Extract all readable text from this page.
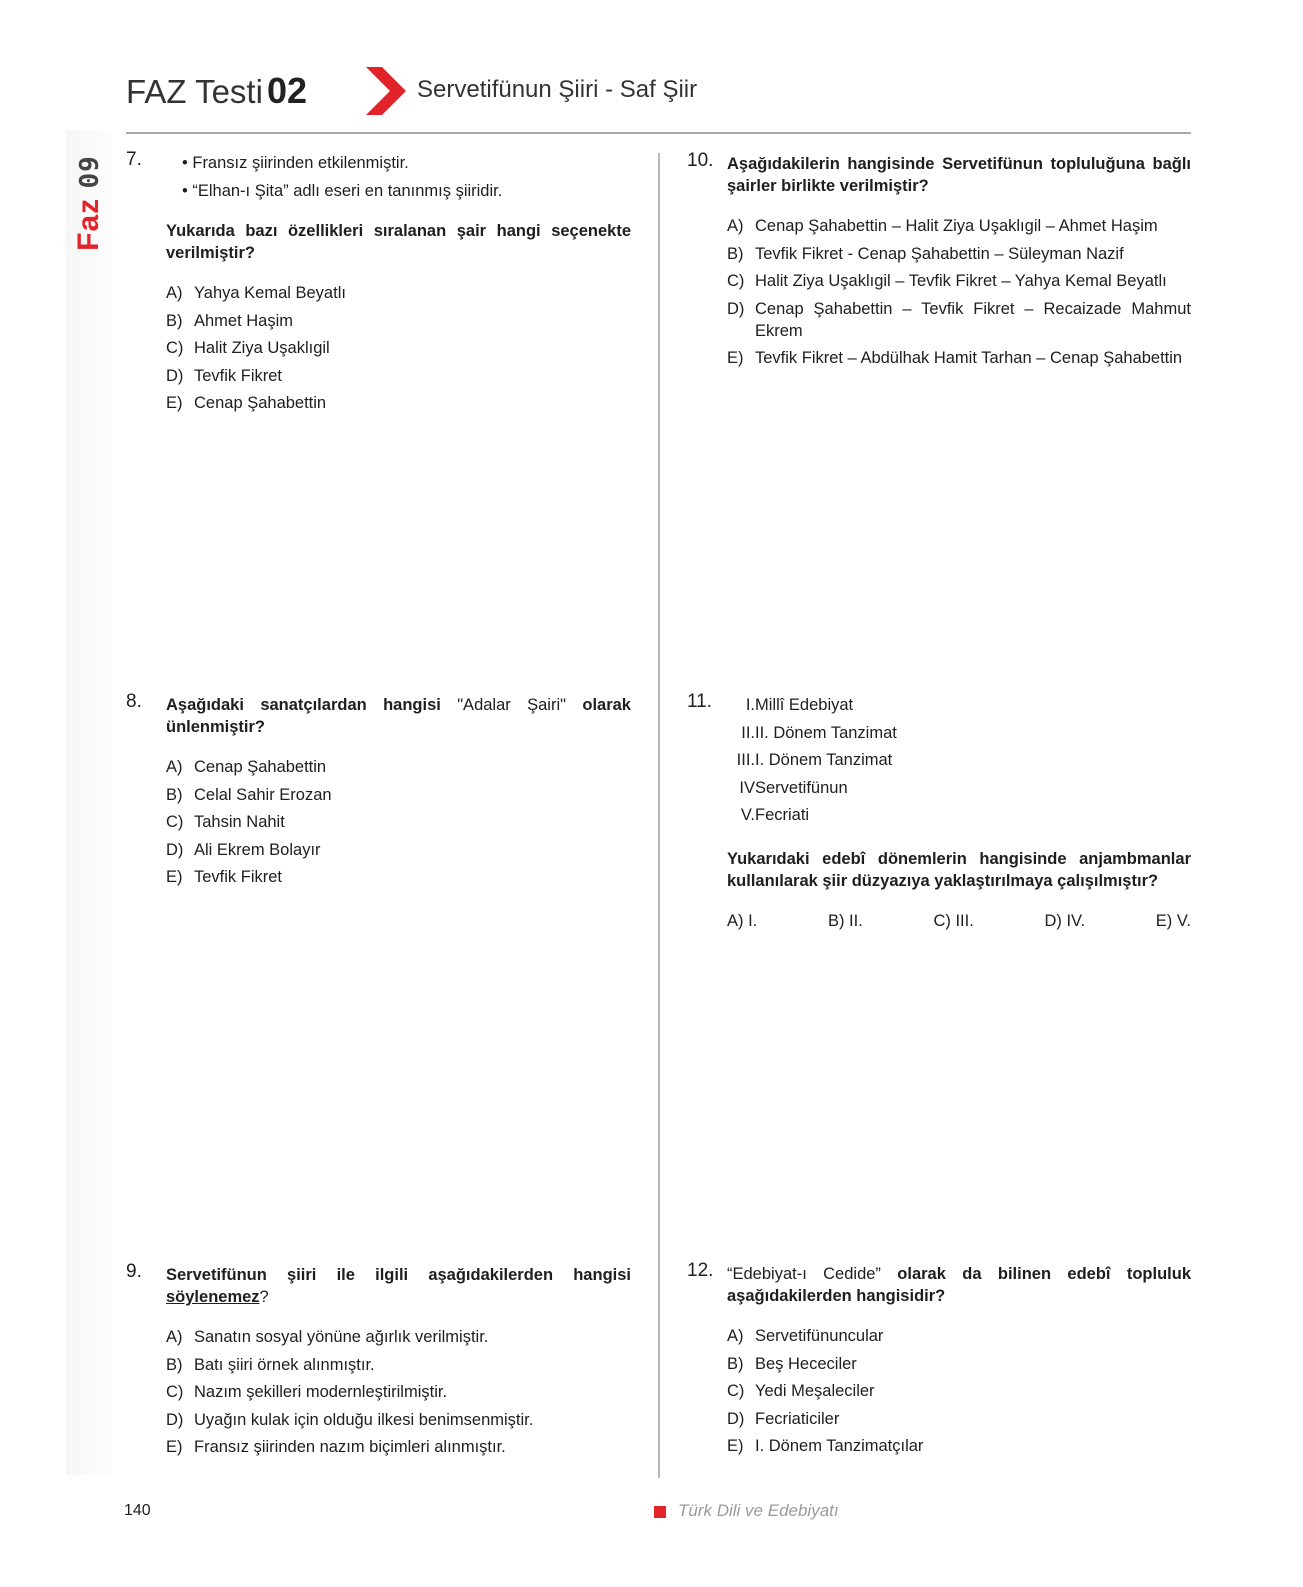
Faz 09
FAZ Testi 02	Servetifünun Şiiri - Saf Şiir
7. • Fransız şiirinden etkilenmiştir.
• “Elhan-ı Şita” adlı eseri en tanınmış şiiridir.

Yukarıda bazı özellikleri sıralanan şair hangi seçenekte verilmiştir?

A) Yahya Kemal Beyatlı
B) Ahmet Haşim
C) Halit Ziya Uşaklıgil
D) Tevfik Fikret
E) Cenap Şahabettin
8. Aşağıdaki sanatçılardan hangisi "Adalar Şairi" olarak ünlenmiştir?

A) Cenap Şahabettin
B) Celal Sahir Erozan
C) Tahsin Nahit
D) Ali Ekrem Bolayır
E) Tevfik Fikret
9. Servetifünun şiiri ile ilgili aşağıdakilerden hangisi söylenemez?

A) Sanatın sosyal yönüne ağırlık verilmiştir.
B) Batı şiiri örnek alınmıştır.
C) Nazım şekilleri modernleştirilmiştir.
D) Uyağın kulak için olduğu ilkesi benimsenmiştir.
E) Fransız şiirinden nazım biçimleri alınmıştır.
10. Aşağıdakilerin hangisinde Servetifünun topluluğuna bağlı şairler birlikte verilmiştir?

A) Cenap Şahabettin – Halit Ziya Uşaklıgil – Ahmet Haşim
B) Tevfik Fikret - Cenap Şahabettin – Süleyman Nazif
C) Halit Ziya Uşaklıgil – Tevfik Fikret – Yahya Kemal Beyatlı
D) Cenap Şahabettin – Tevfik Fikret – Recaizade Mahmut Ekrem
E) Tevfik Fikret – Abdülhak Hamit Tarhan – Cenap Şahabettin
11.	I. Millî Edebiyat
II. II. Dönem Tanzimat
III. I. Dönem Tanzimat
IV Servetifünun
V. Fecriati

Yukarıdaki edebî dönemlerin hangisinde anjambmanlar kullanılarak şiir düzyazıya yaklaştırılmaya çalışılmıştır?

A) I.	B) II.	C) III.	D) IV.	E) V.
12. “Edebiyat-ı Cedide” olarak da bilinen edebî topluluk aşağıdakilerden hangisidir?

A) Servetifünuncular
B) Beş Hececiler
C) Yedi Meşaleciler
D) Fecriaticiler
E) I. Dönem Tanzimatçılar
140	Türk Dili ve Edebiyatı
